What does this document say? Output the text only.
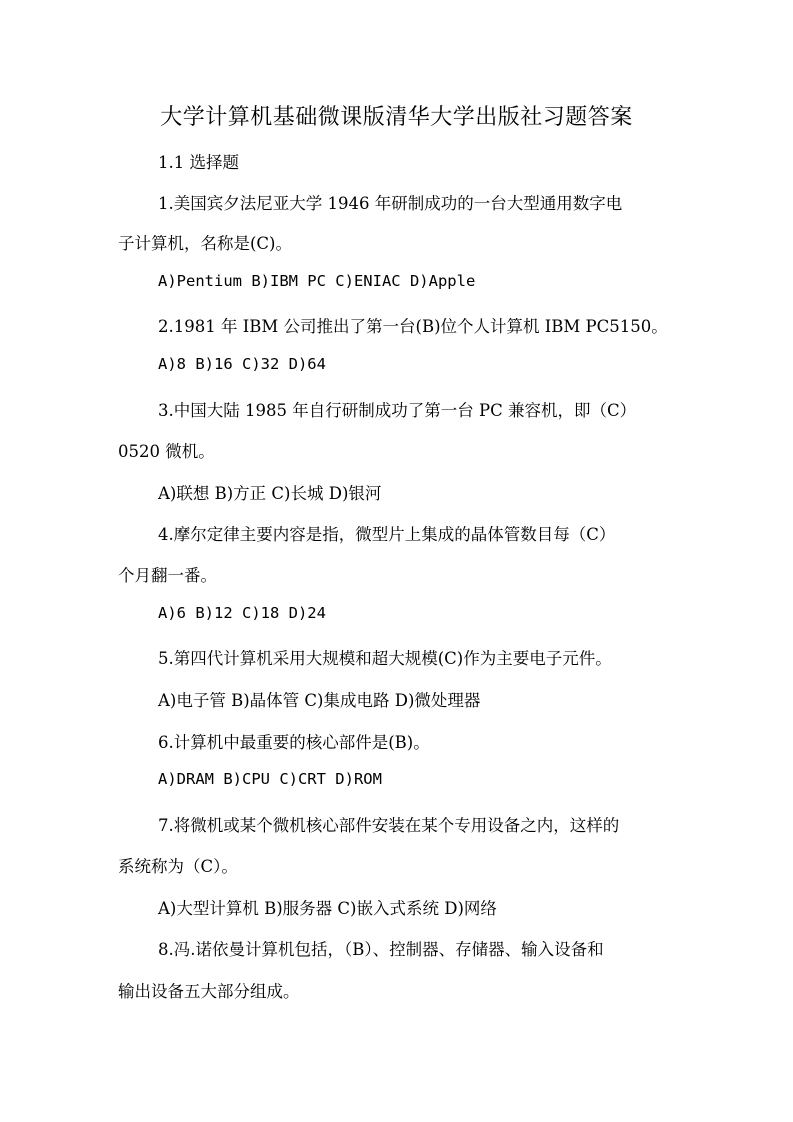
大学计算机基础微课版清华大学出版社习题答案
1.1 选择题
1.美国宾夕法尼亚大学 1946 年研制成功的一台大型通用数字电
子计算机，名称是(C)。
A)Pentium B)IBM PC C)ENIAC D)Apple
2.1981 年 IBM 公司推出了第一台(B)位个人计算机 IBM PC5150。
A)8 B)16 C)32 D)64
3.中国大陆 1985 年自行研制成功了第一台 PC 兼容机，即（C）
0520 微机。
A)联想 B)方正 C)长城 D)银河
4.摩尔定律主要内容是指，微型片上集成的晶体管数目每（C）
个月翻一番。
A)6 B)12 C)18 D)24
5.第四代计算机采用大规模和超大规模(C)作为主要电子元件。
A)电子管 B)晶体管 C)集成电路 D)微处理器
6.计算机中最重要的核心部件是(B)。
A)DRAM B)CPU C)CRT D)ROM
7.将微机或某个微机核心部件安装在某个专用设备之内，这样的
系统称为（C）。
A)大型计算机 B)服务器 C)嵌入式系统 D)网络
8.冯.诺依曼计算机包括，（B）、控制器、存储器、输入设备和
输出设备五大部分组成。
